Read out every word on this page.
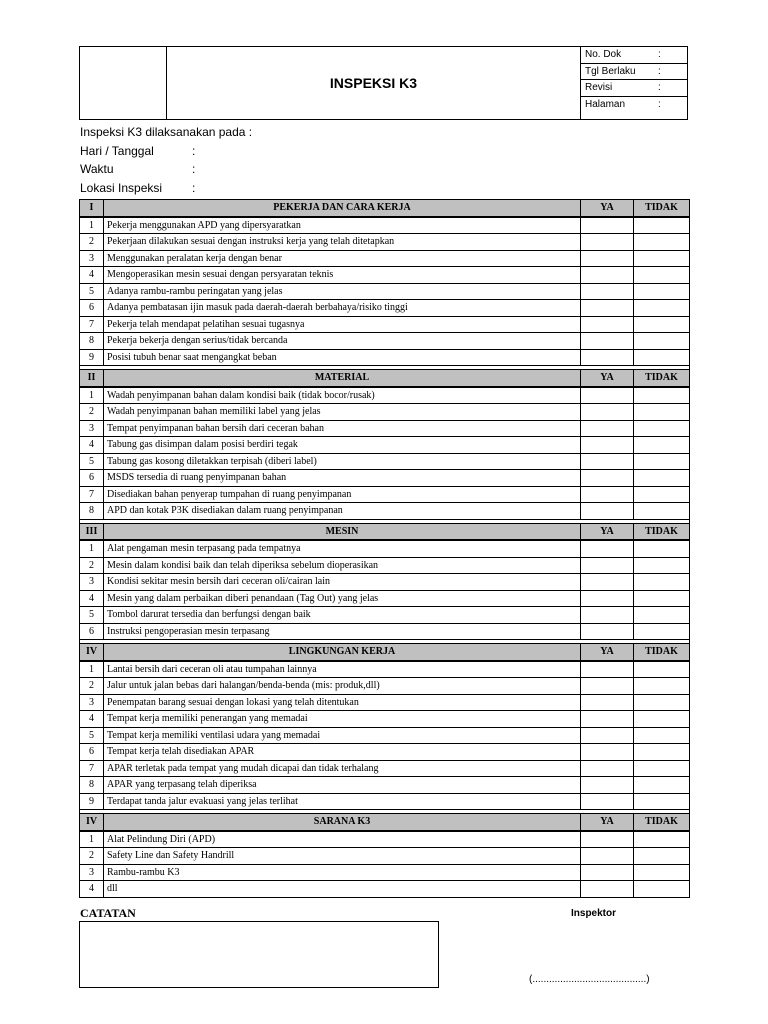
INSPEKSI K3
No. Dok	:
Tgl Berlaku :
Revisi	:
Halaman	:
Inspeksi K3 dilaksanakan pada :
Hari / Tanggal	:
Waktu	:
Lokasi Inspeksi :
I	PEKERJA DAN CARA KERJA	YA	TIDAK
1	Pekerja menggunakan APD yang dipersyaratkan		
2	Pekerjaan dilakukan sesuai dengan instruksi kerja yang telah ditetapkan		
3	Menggunakan peralatan kerja dengan benar		
4	Mengoperasikan mesin sesuai dengan persyaratan teknis		
5	Adanya rambu-rambu peringatan yang jelas		
6	Adanya pembatasan ijin masuk pada daerah-daerah berbahaya/risiko tinggi		
7	Pekerja telah mendapat pelatihan sesuai tugasnya		
8	Pekerja bekerja dengan serius/tidak bercanda		
9	Posisi tubuh benar saat mengangkat beban		

II	MATERIAL	YA	TIDAK
1	Wadah penyimpanan bahan dalam kondisi baik (tidak bocor/rusak)		
2	Wadah penyimpanan bahan memiliki label yang jelas		
3	Tempat penyimpanan bahan bersih dari ceceran bahan		
4	Tabung gas disimpan dalam posisi berdiri tegak		
5	Tabung gas kosong diletakkan terpisah (diberi label)		
6	MSDS tersedia di ruang penyimpanan bahan		
7	Disediakan bahan penyerap tumpahan di ruang penyimpanan		
8	APD dan kotak P3K disediakan dalam ruang penyimpanan		

III	MESIN	YA	TIDAK
1	Alat pengaman mesin terpasang pada tempatnya		
2	Mesin dalam kondisi baik dan telah diperiksa sebelum dioperasikan		
3	Kondisi sekitar mesin bersih dari ceceran oli/cairan lain		
4	Mesin yang dalam perbaikan diberi penandaan (Tag Out) yang jelas		
5	Tombol darurat tersedia dan berfungsi dengan baik		
6	Instruksi pengoperasian mesin terpasang		

IV	LINGKUNGAN KERJA	YA	TIDAK
1	Lantai bersih dari ceceran oli atau tumpahan lainnya		
2	Jalur untuk jalan bebas dari halangan/benda-benda (mis: produk,dll)		
3	Penempatan barang sesuai dengan lokasi yang telah ditentukan		
4	Tempat kerja memiliki penerangan yang memadai		
5	Tempat kerja memiliki ventilasi udara yang memadai		
6	Tempat kerja telah disediakan APAR		
7	APAR terletak pada tempat yang mudah dicapai dan tidak terhalang		
8	APAR yang terpasang telah diperiksa		
9	Terdapat tanda jalur evakuasi yang jelas terlihat		

IV	SARANA K3	YA	TIDAK
1	Alat Pelindung Diri (APD)		
2	Safety Line dan Safety Handrill		
3	Rambu-rambu K3		
4	dll		
CATATAN	Inspektor
(.........................................)
